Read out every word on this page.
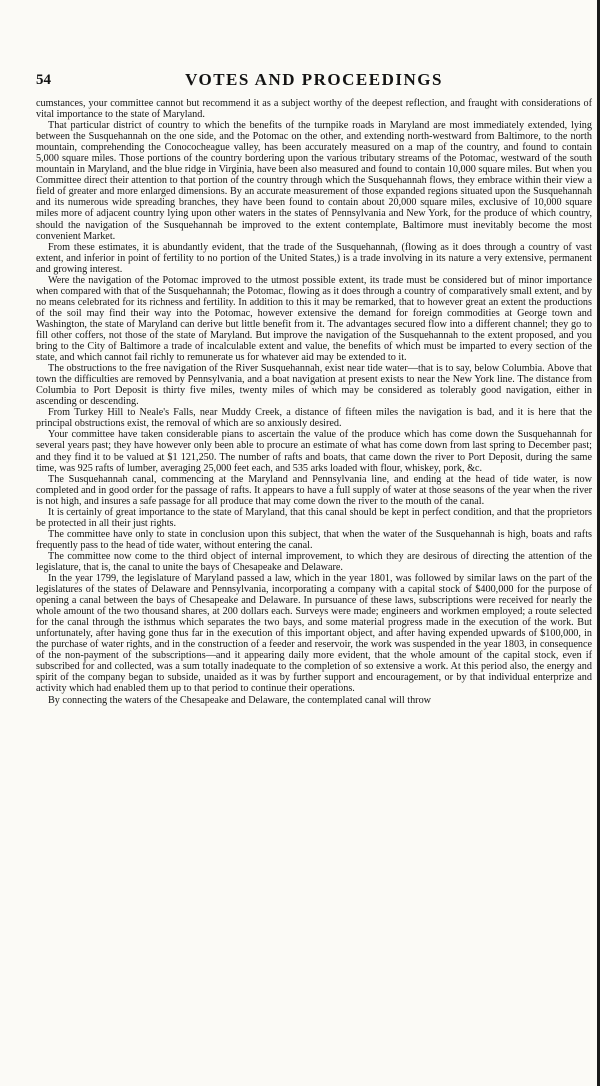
54	VOTES AND PROCEEDINGS

cumstances, your committee cannot but recommend it as a subject worthy of the deepest reflection, and fraught with considerations of vital importance to the state of Maryland.

That particular district of country to which the benefits of the turnpike roads in Maryland are most immediately extended, lying between the Susquehannah on the one side, and the Potomac on the other, and extending north-westward from Baltimore, to the north mountain, comprehending the Conococheague valley, has been accurately measured on a map of the country, and found to contain 5,000 square miles. Those portions of the country bordering upon the various tributary streams of the Potomac, westward of the south mountain in Maryland, and the blue ridge in Virginia, have been also measured and found to contain 10,000 square miles. But when you Committee direct their attention to that portion of the country through which the Susquehannah flows, they embrace within their view a field of greater and more enlarged dimensions. By an accurate measurement of those expanded regions situated upon the Susquehannah and its numerous wide spreading branches, they have been found to contain about 20,000 square miles, exclusive of 10,000 square miles more of adjacent country lying upon other waters in the states of Pennsylvania and New York, for the produce of which country, should the navigation of the Susquehannah be improved to the extent contemplate, Baltimore must inevitably become the most convenient Market.

From these estimates, it is abundantly evident, that the trade of the Susquehannah, (flowing as it does through a country of vast extent, and inferior in point of fertility to no portion of the United States,) is a trade involving in its nature a very extensive, permanent and growing interest.

Were the navigation of the Potomac improved to the utmost possible extent, its trade must be considered but of minor importance when compared with that of the Susquehannah; the Potomac, flowing as it does through a country of comparatively small extent, and by no means celebrated for its richness and fertility. In addition to this it may be remarked, that to however great an extent the productions of the soil may find their way into the Potomac, however extensive the demand for foreign commodities at George town and Washington, the state of Maryland can derive but little benefit from it. The advantages secured flow into a different channel; they go to fill other coffers, not those of the state of Maryland. But improve the navigation of the Susquehannah to the extent proposed, and you bring to the City of Baltimore a trade of incalculable extent and value, the benefits of which must be imparted to every section of the state, and which cannot fail richly to remunerate us for whatever aid may be extended to it.

The obstructions to the free navigation of the River Susquehannah, exist near tide water—that is to say, below Columbia. Above that town the difficulties are removed by Pennsylvania, and a boat navigation at present exists to near the New York line. The distance from Columbia to Port Deposit is thirty five miles, twenty miles of which may be considered as tolerably good navigation, either in ascending or descending.

From Turkey Hill to Neale's Falls, near Muddy Creek, a distance of fifteen miles the navigation is bad, and it is here that the principal obstructions exist, the removal of which are so anxiously desired.

Your committee have taken considerable pians to ascertain the value of the produce which has come down the Susquehannah for several years past; they have however only been able to procure an estimate of what has come down from last spring to December past; and they find it to be valued at $1 121,250. The number of rafts and boats, that came down the river to Port Deposit, during the same time, was 925 rafts of lumber, averaging 25,000 feet each, and 535 arks loaded with flour, whiskey, pork, &c.

The Susquehannah canal, commencing at the Maryland and Pennsylvania line, and ending at the head of tide water, is now completed and in good order for the passage of rafts. It appears to have a full supply of water at those seasons of the year when the river is not high, and insures a safe passage for all produce that may come down the river to the mouth of the canal.

It is certainly of great importance to the state of Maryland, that this canal should be kept in perfect condition, and that the proprietors be protected in all their just rights.

The committee have only to state in conclusion upon this subject, that when the water of the Susquehannah is high, boats and rafts frequently pass to the head of tide water, without entering the canal.

The committee now come to the third object of internal improvement, to which they are desirous of directing the attention of the legislature, that is, the canal to unite the bays of Chesapeake and Delaware.

In the year 1799, the legislature of Maryland passed a law, which in the year 1801, was followed by similar laws on the part of the legislatures of the states of Delaware and Pennsylvania, incorporating a company with a capital stock of $400,000 for the purpose of opening a canal between the bays of Chesapeake and Delaware. In pursuance of these laws, subscriptions were received for nearly the whole amount of the two thousand shares, at 200 dollars each. Surveys were made; engineers and workmen employed; a route selected for the canal through the isthmus which separates the two bays, and some material progress made in the execution of the work. But unfortunately, after having gone thus far in the execution of this important object, and after having expended upwards of $100,000, in the purchase of water rights, and in the construction of a feeder and reservoir, the work was suspended in the year 1803, in consequence of the non-payment of the subscriptions—and it appearing daily more evident, that the whole amount of the capital stock, even if subscribed for and collected, was a sum totally inadequate to the completion of so extensive a work. At this period also, the energy and spirit of the company began to subside, unaided as it was by further support and encouragement, or by that individual enterprize and activity which had enabled them up to that period to continue their operations.

By connecting the waters of the Chesapeake and Delaware, the contemplated canal will throw
